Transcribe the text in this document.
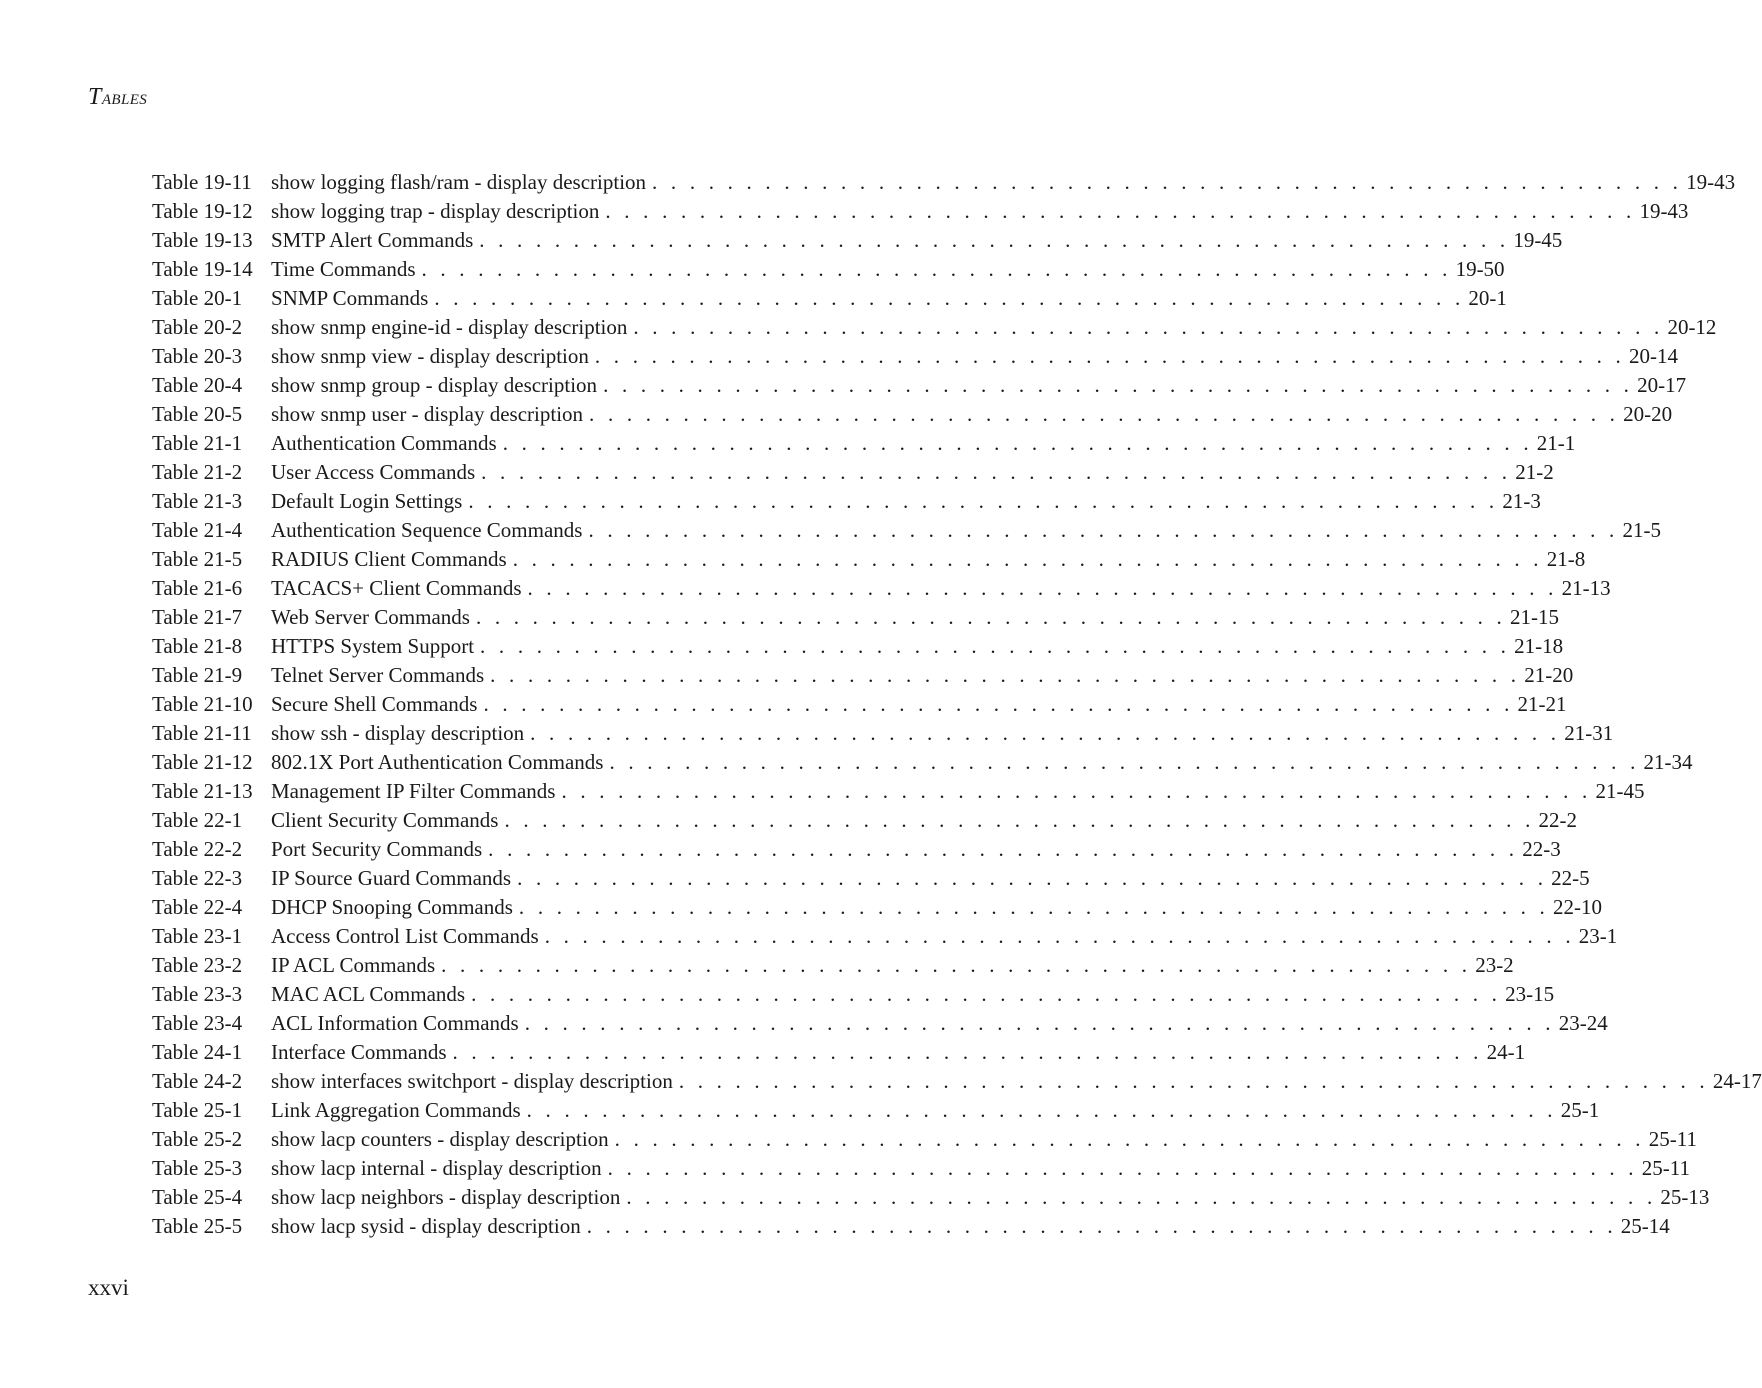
TABLES
Table 19-11 show logging flash/ram - display description . . . . . . . . . . . . . . . . . . . . . . . . . . . . . . . . . . . . . . . . . . . . . . . . . . . . . . . 19-43
Table 19-12 show logging trap - display description . . . . . . . . . . . . . . . . . . . . . . . . . . . . . . . . . . . . . . . . . . . . . . . . . . . . . . . 19-43
Table 19-13 SMTP Alert Commands . . . . . . . . . . . . . . . . . . . . . . . . . . . . . . . . . . . . . . . . . . . . . . . . . . . . . . . 19-45
Table 19-14 Time Commands . . . . . . . . . . . . . . . . . . . . . . . . . . . . . . . . . . . . . . . . . . . . . . . . . . . . . . . 19-50
Table 20-1	SNMP Commands . . . . . . . . . . . . . . . . . . . . . . . . . . . . . . . . . . . . . . . . . . . . . . . . . . . . . . . 20-1
Table 20-2	show snmp engine-id - display description . . . . . . . . . . . . . . . . . . . . . . . . . . . . . . . . . . . . . . . . . . . . . . . . . . . . . . . 20-12
Table 20-3	show snmp view - display description . . . . . . . . . . . . . . . . . . . . . . . . . . . . . . . . . . . . . . . . . . . . . . . . . . . . . . . 20-14
Table 20-4	show snmp group - display description . . . . . . . . . . . . . . . . . . . . . . . . . . . . . . . . . . . . . . . . . . . . . . . . . . . . . . . 20-17
Table 20-5	show snmp user - display description . . . . . . . . . . . . . . . . . . . . . . . . . . . . . . . . . . . . . . . . . . . . . . . . . . . . . . . 20-20
Table 21-1	Authentication Commands . . . . . . . . . . . . . . . . . . . . . . . . . . . . . . . . . . . . . . . . . . . . . . . . . . . . . . . 21-1
Table 21-2	User Access Commands . . . . . . . . . . . . . . . . . . . . . . . . . . . . . . . . . . . . . . . . . . . . . . . . . . . . . . . 21-2
Table 21-3	Default Login Settings . . . . . . . . . . . . . . . . . . . . . . . . . . . . . . . . . . . . . . . . . . . . . . . . . . . . . . . 21-3
Table 21-4	Authentication Sequence Commands . . . . . . . . . . . . . . . . . . . . . . . . . . . . . . . . . . . . . . . . . . . . . . . . . . . . . . . 21-5
Table 21-5	RADIUS Client Commands . . . . . . . . . . . . . . . . . . . . . . . . . . . . . . . . . . . . . . . . . . . . . . . . . . . . . . . 21-8
Table 21-6	TACACS+ Client Commands . . . . . . . . . . . . . . . . . . . . . . . . . . . . . . . . . . . . . . . . . . . . . . . . . . . . . . . 21-13
Table 21-7	Web Server Commands . . . . . . . . . . . . . . . . . . . . . . . . . . . . . . . . . . . . . . . . . . . . . . . . . . . . . . . 21-15
Table 21-8	HTTPS System Support . . . . . . . . . . . . . . . . . . . . . . . . . . . . . . . . . . . . . . . . . . . . . . . . . . . . . . . 21-18
Table 21-9	Telnet Server Commands . . . . . . . . . . . . . . . . . . . . . . . . . . . . . . . . . . . . . . . . . . . . . . . . . . . . . . . 21-20
Table 21-10 Secure Shell Commands . . . . . . . . . . . . . . . . . . . . . . . . . . . . . . . . . . . . . . . . . . . . . . . . . . . . . . . 21-21
Table 21-11 show ssh - display description . . . . . . . . . . . . . . . . . . . . . . . . . . . . . . . . . . . . . . . . . . . . . . . . . . . . . . . 21-31
Table 21-12 802.1X Port Authentication Commands . . . . . . . . . . . . . . . . . . . . . . . . . . . . . . . . . . . . . . . . . . . . . . . . . . . . . . . 21-34
Table 21-13 Management IP Filter Commands . . . . . . . . . . . . . . . . . . . . . . . . . . . . . . . . . . . . . . . . . . . . . . . . . . . . . . . 21-45
Table 22-1	Client Security Commands . . . . . . . . . . . . . . . . . . . . . . . . . . . . . . . . . . . . . . . . . . . . . . . . . . . . . . . 22-2
Table 22-2	Port Security Commands . . . . . . . . . . . . . . . . . . . . . . . . . . . . . . . . . . . . . . . . . . . . . . . . . . . . . . . 22-3
Table 22-3	IP Source Guard Commands . . . . . . . . . . . . . . . . . . . . . . . . . . . . . . . . . . . . . . . . . . . . . . . . . . . . . . . 22-5
Table 22-4	DHCP Snooping Commands . . . . . . . . . . . . . . . . . . . . . . . . . . . . . . . . . . . . . . . . . . . . . . . . . . . . . . . 22-10
Table 23-1	Access Control List Commands . . . . . . . . . . . . . . . . . . . . . . . . . . . . . . . . . . . . . . . . . . . . . . . . . . . . . . . 23-1
Table 23-2	IP ACL Commands . . . . . . . . . . . . . . . . . . . . . . . . . . . . . . . . . . . . . . . . . . . . . . . . . . . . . . . 23-2
Table 23-3	MAC ACL Commands . . . . . . . . . . . . . . . . . . . . . . . . . . . . . . . . . . . . . . . . . . . . . . . . . . . . . . . 23-15
Table 23-4	ACL Information Commands . . . . . . . . . . . . . . . . . . . . . . . . . . . . . . . . . . . . . . . . . . . . . . . . . . . . . . . 23-24
Table 24-1	Interface Commands . . . . . . . . . . . . . . . . . . . . . . . . . . . . . . . . . . . . . . . . . . . . . . . . . . . . . . . 24-1
Table 24-2	show interfaces switchport - display description . . . . . . . . . . . . . . . . . . . . . . . . . . . . . . . . . . . . . . . . . . . . . . . . . . . . . . . 24-17
Table 25-1	Link Aggregation Commands . . . . . . . . . . . . . . . . . . . . . . . . . . . . . . . . . . . . . . . . . . . . . . . . . . . . . . . 25-1
Table 25-2	show lacp counters - display description . . . . . . . . . . . . . . . . . . . . . . . . . . . . . . . . . . . . . . . . . . . . . . . . . . . . . . . 25-11
Table 25-3	show lacp internal - display description . . . . . . . . . . . . . . . . . . . . . . . . . . . . . . . . . . . . . . . . . . . . . . . . . . . . . . . 25-11
Table 25-4	show lacp neighbors - display description . . . . . . . . . . . . . . . . . . . . . . . . . . . . . . . . . . . . . . . . . . . . . . . . . . . . . . . 25-13
Table 25-5	show lacp sysid - display description . . . . . . . . . . . . . . . . . . . . . . . . . . . . . . . . . . . . . . . . . . . . . . . . . . . . . . . 25-14
xxvi
